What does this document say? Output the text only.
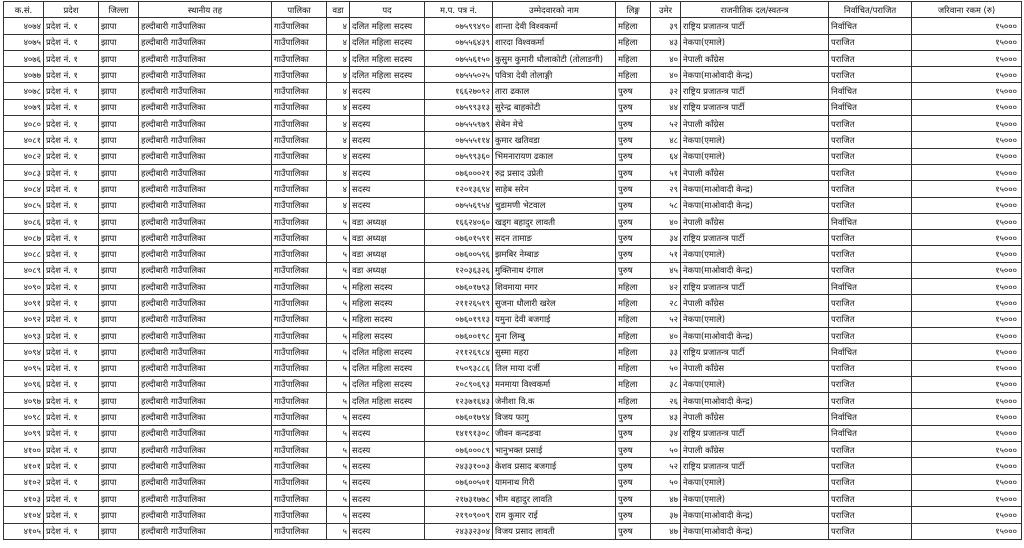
क.सं.	प्रदेश	जिल्ला	स्थानीय तह	पालिका	वडा	पद	म.प. पत्र नं.	उम्मेदवारको नाम	लिङ्ग	उमेर	राजनीतिक दल/स्वतन्त्र	निर्वाचित/पराजित	जरिवाना रकम (रु)
४०७४	प्रदेश नं. १	झापा	हल्दीबारी गाउँपालिका	गाउँपालिका	४	दलित महिला सदस्य	०७५९९४९०	शान्ता देवी विश्वकर्मा	महिला	३९	राष्ट्रिय प्रजातन्त्र पार्टी	निर्वाचित	१५०००
४०७५	प्रदेश नं. १	झापा	हल्दीबारी गाउँपालिका	गाउँपालिका	४	दलित महिला सदस्य	०७५५६४३९	शारदा विश्वकर्मा	महिला	४३	नेकपा(एमाले)	पराजित	१५०००
४०७६	प्रदेश नं. १	झापा	हल्दीबारी गाउँपालिका	गाउँपालिका	४	दलित महिला सदस्य	०७५५६१५०	कुसुम कुमारी धौलाकोटी (तोलाङगी)	महिला	४०	नेपाली काँग्रेस	पराजित	१५०००
४०७७	प्रदेश नं. १	झापा	हल्दीबारी गाउँपालिका	गाउँपालिका	४	दलित महिला सदस्य	०७५५५०२५	पवित्रा देवी तोलाङ्गी	महिला	४०	नेकपा(माओवादी केन्द्र)	पराजित	१५०००
४०७८	प्रदेश नं. १	झापा	हल्दीबारी गाउँपालिका	गाउँपालिका	४	सदस्य	१६६२७०९२	तारा ढकाल	पुरुष	३२	राष्ट्रिय प्रजातन्त्र पार्टी	निर्वाचित	१५०००
४०७९	प्रदेश नं. १	झापा	हल्दीबारी गाउँपालिका	गाउँपालिका	४	सदस्य	०७५९९३१३	सुरेन्द्र बाहकोटी	पुरुष	४४	राष्ट्रिय प्रजातन्त्र पार्टी	निर्वाचित	१५०००
४०८०	प्रदेश नं. १	झापा	हल्दीबारी गाउँपालिका	गाउँपालिका	४	सदस्य	०७५५५९७९	सेबेन मेचे	पुरुष	५२	नेपाली काँग्रेस	पराजित	१५०००
४०८१	प्रदेश नं. १	झापा	हल्दीबारी गाउँपालिका	गाउँपालिका	४	सदस्य	०७५५५११४	कुमार खतिवडा	पुरुष	४८	नेकपा(एमाले)	पराजित	१५०००
४०८२	प्रदेश नं. १	झापा	हल्दीबारी गाउँपालिका	गाउँपालिका	४	सदस्य	०७५९९३६०	भिमनारायण ढकाल	पुरुष	६४	नेकपा(एमाले)	पराजित	१५०००
४०८३	प्रदेश नं. १	झापा	हल्दीबारी गाउँपालिका	गाउँपालिका	४	सदस्य	०७६०००२१	रुद्र प्रसाद उप्रेती	पुरुष	५१	नेपाली काँग्रेस	पराजित	१५०००
४०८४	प्रदेश नं. १	झापा	हल्दीबारी गाउँपालिका	गाउँपालिका	४	सदस्य	१२०१३६९४	साहेब सरेन	पुरुष	२९	नेकपा(माओवादी केन्द्र)	पराजित	१५०००
४०८५	प्रदेश नं. १	झापा	हल्दीबारी गाउँपालिका	गाउँपालिका	४	सदस्य	०७५५६९५४	चुडामणी भेटवाल	पुरुष	५८	नेकपा(माओवादी केन्द्र)	पराजित	१५०००
४०८६	प्रदेश नं. १	झापा	हल्दीबारी गाउँपालिका	गाउँपालिका	५	वडा अध्यक्ष	१६६२४०६०	खड्ग बहादुर लावती	पुरुष	४०	नेपाली काँग्रेस	निर्वाचित	१५०००
४०८७	प्रदेश नं. १	झापा	हल्दीबारी गाउँपालिका	गाउँपालिका	५	वडा अध्यक्ष	०७६०१५९१	सदन तामाङ	पुरुष	३४	राष्ट्रिय प्रजातन्त्र पार्टी	पराजित	१५०००
४०८८	प्रदेश नं. १	झापा	हल्दीबारी गाउँपालिका	गाउँपालिका	५	वडा अध्यक्ष	०७६००५९६	झमबिर नेम्बाङ	पुरुष	५१	नेकपा(एमाले)	पराजित	१५०००
४०८९	प्रदेश नं. १	झापा	हल्दीबारी गाउँपालिका	गाउँपालिका	५	वडा अध्यक्ष	१२०३६३२६	मुक्तिनाथ दंगाल	पुरुष	४५	नेकपा(माओवादी केन्द्र)	पराजित	१५०००
४०९०	प्रदेश नं. १	झापा	हल्दीबारी गाउँपालिका	गाउँपालिका	५	महिला सदस्य	०७६०१७९३	शिवमाया मगर	महिला	४२	राष्ट्रिय प्रजातन्त्र पार्टी	निर्वाचित	१५०००
४०९१	प्रदेश नं. १	झापा	हल्दीबारी गाउँपालिका	गाउँपालिका	५	महिला सदस्य	२११२६५१९	सुजना धौलारी खरेल	महिला	२८	नेपाली काँग्रेस	पराजित	१५०००
४०९२	प्रदेश नं. १	झापा	हल्दीबारी गाउँपालिका	गाउँपालिका	५	महिला सदस्य	०७६०१९१३	यमुना देवी बजगाई	महिला	५२	नेकपा(एमाले)	पराजित	१५०००
४०९३	प्रदेश नं. १	झापा	हल्दीबारी गाउँपालिका	गाउँपालिका	५	महिला सदस्य	०७६००१९८	मुना लिम्बु	महिला	४०	नेकपा(माओवादी केन्द्र)	पराजित	१५०००
४०९४	प्रदेश नं. १	झापा	हल्दीबारी गाउँपालिका	गाउँपालिका	५	दलित महिला सदस्य	२११२६९८४	सुस्मा महरा	महिला	३३	राष्ट्रिय प्रजातन्त्र पार्टी	निर्वाचित	१५०००
४०९५	प्रदेश नं. १	झापा	हल्दीबारी गाउँपालिका	गाउँपालिका	५	दलित महिला सदस्य	१५०९३८८६	तिल माया दर्जी	महिला	५०	नेपाली काँग्रेस	पराजित	१५०००
४०९६	प्रदेश नं. १	झापा	हल्दीबारी गाउँपालिका	गाउँपालिका	५	दलित महिला सदस्य	२०८९०६९३	मनमाया विश्वकर्मा	महिला	३८	नेकपा(एमाले)	पराजित	१५०००
४०९७	प्रदेश नं. १	झापा	हल्दीबारी गाउँपालिका	गाउँपालिका	५	दलित महिला सदस्य	१२३७१६४३	जेनीशा वि.क	महिला	२६	नेकपा(माओवादी केन्द्र)	पराजित	१५०००
४०९८	प्रदेश नं. १	झापा	हल्दीबारी गाउँपालिका	गाउँपालिका	५	सदस्य	०७६०१७९४	विजय फागु	पुरुष	४३	नेपाली काँग्रेस	निर्वाचित	१५०००
४०९९	प्रदेश नं. १	झापा	हल्दीबारी गाउँपालिका	गाउँपालिका	५	सदस्य	१४१९१३०८	जीवन कन्दङवा	पुरुष	३४	राष्ट्रिय प्रजातन्त्र पार्टी	निर्वाचित	१५०००
४१००	प्रदेश नं. १	झापा	हल्दीबारी गाउँपालिका	गाउँपालिका	५	सदस्य	०७६०००८९	भानुभक्त प्रसाई	पुरुष	५०	नेपाली काँग्रेस	पराजित	१५०००
४१०१	प्रदेश नं. १	झापा	हल्दीबारी गाउँपालिका	गाउँपालिका	५	सदस्य	२४३३१००३	केशव प्रसाद बजगाई	पुरुष	५२	राष्ट्रिय प्रजातन्त्र पार्टी	पराजित	१५०००
४१०२	प्रदेश नं. १	झापा	हल्दीबारी गाउँपालिका	गाउँपालिका	५	सदस्य	०७६००५०१	यामनाथ गिरी	पुरुष	५०	नेकपा(एमाले)	पराजित	१५०००
४१०३	प्रदेश नं. १	झापा	हल्दीबारी गाउँपालिका	गाउँपालिका	५	सदस्य	२१७३१७७८	भीम बहादुर लावति	पुरुष	४७	नेकपा(एमाले)	पराजित	१५०००
४१०४	प्रदेश नं. १	झापा	हल्दीबारी गाउँपालिका	गाउँपालिका	५	सदस्य	२१९०९००९	राम कुमार राई	पुरुष	३७	नेकपा(माओवादी केन्द्र)	पराजित	१५०००
४१०५	प्रदेश नं. १	झापा	हल्दीबारी गाउँपालिका	गाउँपालिका	५	सदस्य	२४३३२३०४	विजय प्रसाद लावती	पुरुष	४७	नेकपा(माओवादी केन्द्र)	पराजित	१५०००
